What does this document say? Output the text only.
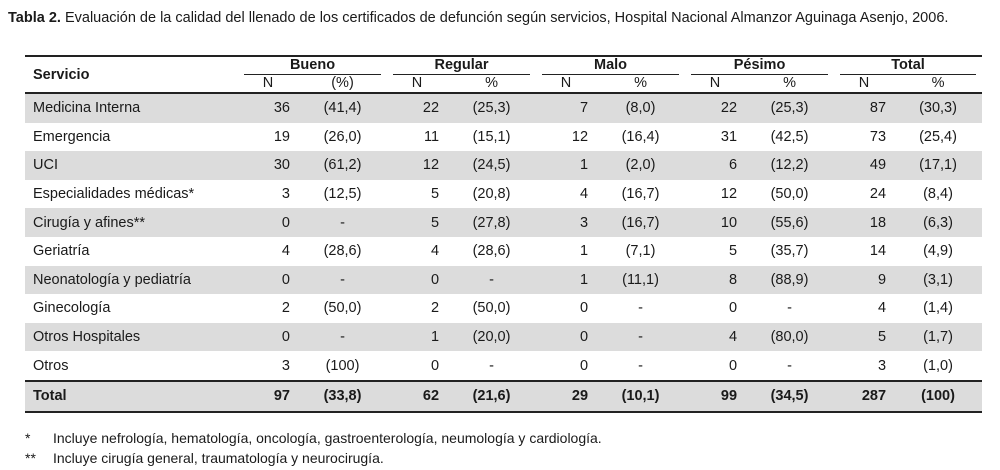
Tabla 2. Evaluación de la calidad del llenado de los certificados de defunción según servicios, Hospital Nacional Almanzor Aguinaga Asenjo, 2006.
Servicio	Bueno		Regular		Malo		Pésimo		Total	

	N	(%)	N	%	N	%	N	%	N	%
Medicina Interna	36	(41,4)	22	(25,3)	7	(8,0)	22	(25,3)	87	(30,3)
Emergencia	19	(26,0)	11	(15,1)	12	(16,4)	31	(42,5)	73	(25,4)
UCI	30	(61,2)	12	(24,5)	1	(2,0)	6	(12,2)	49	(17,1)
Especialidades médicas*	3	(12,5)	5	(20,8)	4	(16,7)	12	(50,0)	24	(8,4)
Cirugía y afines**	0	-	5	(27,8)	3	(16,7)	10	(55,6)	18	(6,3)
Geriatría	4	(28,6)	4	(28,6)	1	(7,1)	5	(35,7)	14	(4,9)
Neonatología y pediatría	0	-	0	-	1	(11,1)	8	(88,9)	9	(3,1)
Ginecología	2	(50,0)	2	(50,0)	0	-	0	-	4	(1,4)
Otros Hospitales	0	-	1	(20,0)	0	-	4	(80,0)	5	(1,7)
Otros	3	(100)	0	-	0	-	0	-	3	(1,0)
Total	97	(33,8)	62	(21,6)	29	(10,1)	99	(34,5)	287	(100)
*	Incluye nefrología, hematología, oncología, gastroenterología, neumología y cardiología.
**	Incluye cirugía general, traumatología y neurocirugía.
